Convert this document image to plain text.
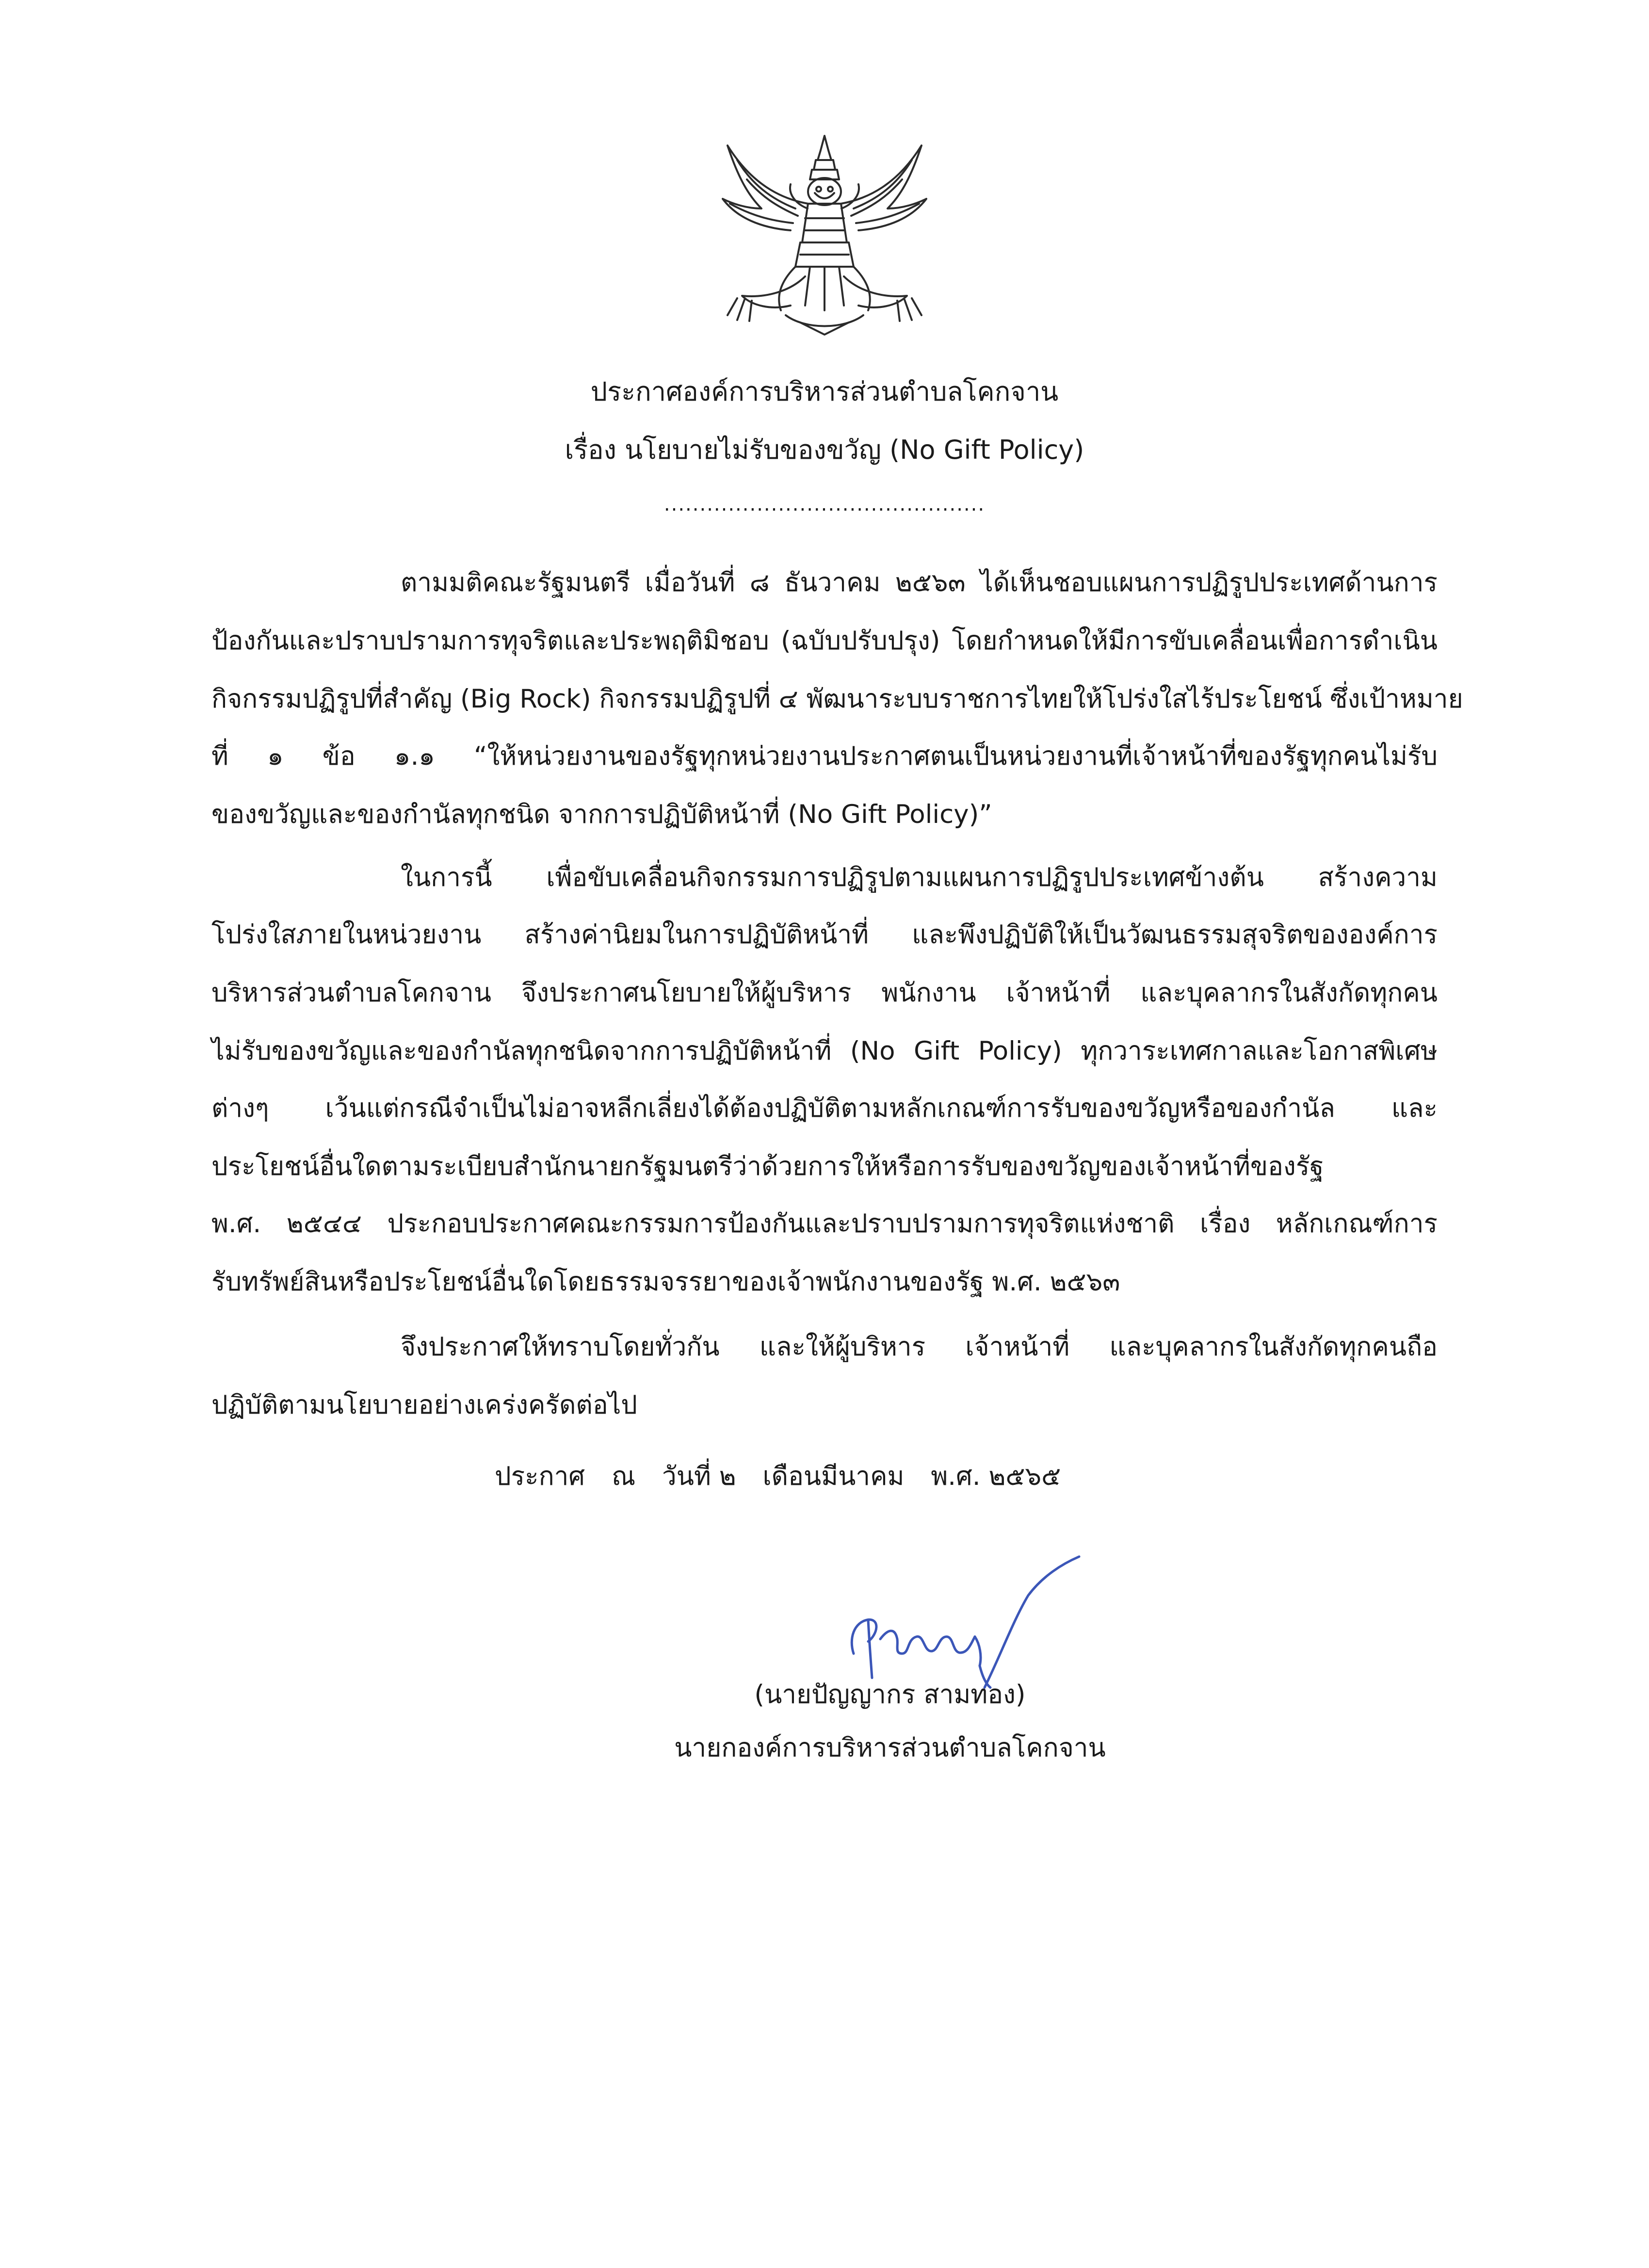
ประกาศองค์การบริหารส่วนตำบลโคกจาน
เรื่อง นโยบายไม่รับของขวัญ (No Gift Policy)
.............................................
ตามมติคณะรัฐมนตรี เมื่อวันที่ ๘ ธันวาคม ๒๕๖๓ ได้เห็นชอบแผนการปฏิรูปประเทศด้านการ
ป้องกันและปราบปรามการทุจริตและประพฤติมิชอบ (ฉบับปรับปรุง) โดยกำหนดให้มีการขับเคลื่อนเพื่อการดำเนิน
กิจกรรมปฏิรูปที่สำคัญ (Big Rock) กิจกรรมปฏิรูปที่ ๔ พัฒนาระบบราชการไทยให้โปร่งใสไร้ประโยชน์ ซึ่งเป้าหมาย
ที่ ๑ ข้อ ๑.๑ “ให้หน่วยงานของรัฐทุกหน่วยงานประกาศตนเป็นหน่วยงานที่เจ้าหน้าที่ของรัฐทุกคนไม่รับ
ของขวัญและของกำนัลทุกชนิด จากการปฏิบัติหน้าที่ (No Gift Policy)”
ในการนี้ เพื่อขับเคลื่อนกิจกรรมการปฏิรูปตามแผนการปฏิรูปประเทศข้างต้น สร้างความ
โปร่งใสภายในหน่วยงาน สร้างค่านิยมในการปฏิบัติหน้าที่ และพึงปฏิบัติให้เป็นวัฒนธรรมสุจริตขององค์การ
บริหารส่วนตำบลโคกจาน จึงประกาศนโยบายให้ผู้บริหาร พนักงาน เจ้าหน้าที่ และบุคลากรในสังกัดทุกคน
ไม่รับของขวัญและของกำนัลทุกชนิดจากการปฏิบัติหน้าที่ (No Gift Policy) ทุกวาระเทศกาลและโอกาสพิเศษ
ต่างๆ เว้นแต่กรณีจำเป็นไม่อาจหลีกเลี่ยงได้ต้องปฏิบัติตามหลักเกณฑ์การรับของขวัญหรือของกำนัล และ
ประโยชน์อื่นใดตามระเบียบสำนักนายกรัฐมนตรีว่าด้วยการให้หรือการรับของขวัญของเจ้าหน้าที่ของรัฐ
พ.ศ. ๒๕๔๔ ประกอบประกาศคณะกรรมการป้องกันและปราบปรามการทุจริตแห่งชาติ เรื่อง หลักเกณฑ์การ
รับทรัพย์สินหรือประโยชน์อื่นใดโดยธรรมจรรยาของเจ้าพนักงานของรัฐ พ.ศ. ๒๕๖๓
จึงประกาศให้ทราบโดยทั่วกัน และให้ผู้บริหาร เจ้าหน้าที่ และบุคลากรในสังกัดทุกคนถือ
ปฏิบัติตามนโยบายอย่างเคร่งครัดต่อไป
ประกาศ ณ วันที่ ๒ เดือนมีนาคม พ.ศ. ๒๕๖๕
(นายปัญญากร สามทอง)
นายกองค์การบริหารส่วนตำบลโคกจาน
